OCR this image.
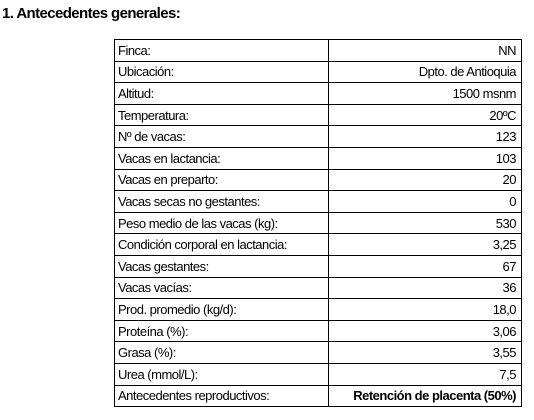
1. Antecedentes generales:
Finca:	NN
Ubicación:	Dpto. de Antioquia
Altitud:	1500 msnm
Temperatura:	20ºC
Nº de vacas:	123
Vacas en lactancia:	103
Vacas en preparto:	20
Vacas secas no gestantes:	0
Peso medio de las vacas (kg):	530
Condición corporal en lactancia:	3,25
Vacas gestantes:	67
Vacas vacías:	36
Prod. promedio (kg/d):	18,0
Proteína (%):	3,06
Grasa (%):	3,55
Urea (mmol/L):	7,5
Antecedentes reproductivos:	Retención de placenta (50%)
